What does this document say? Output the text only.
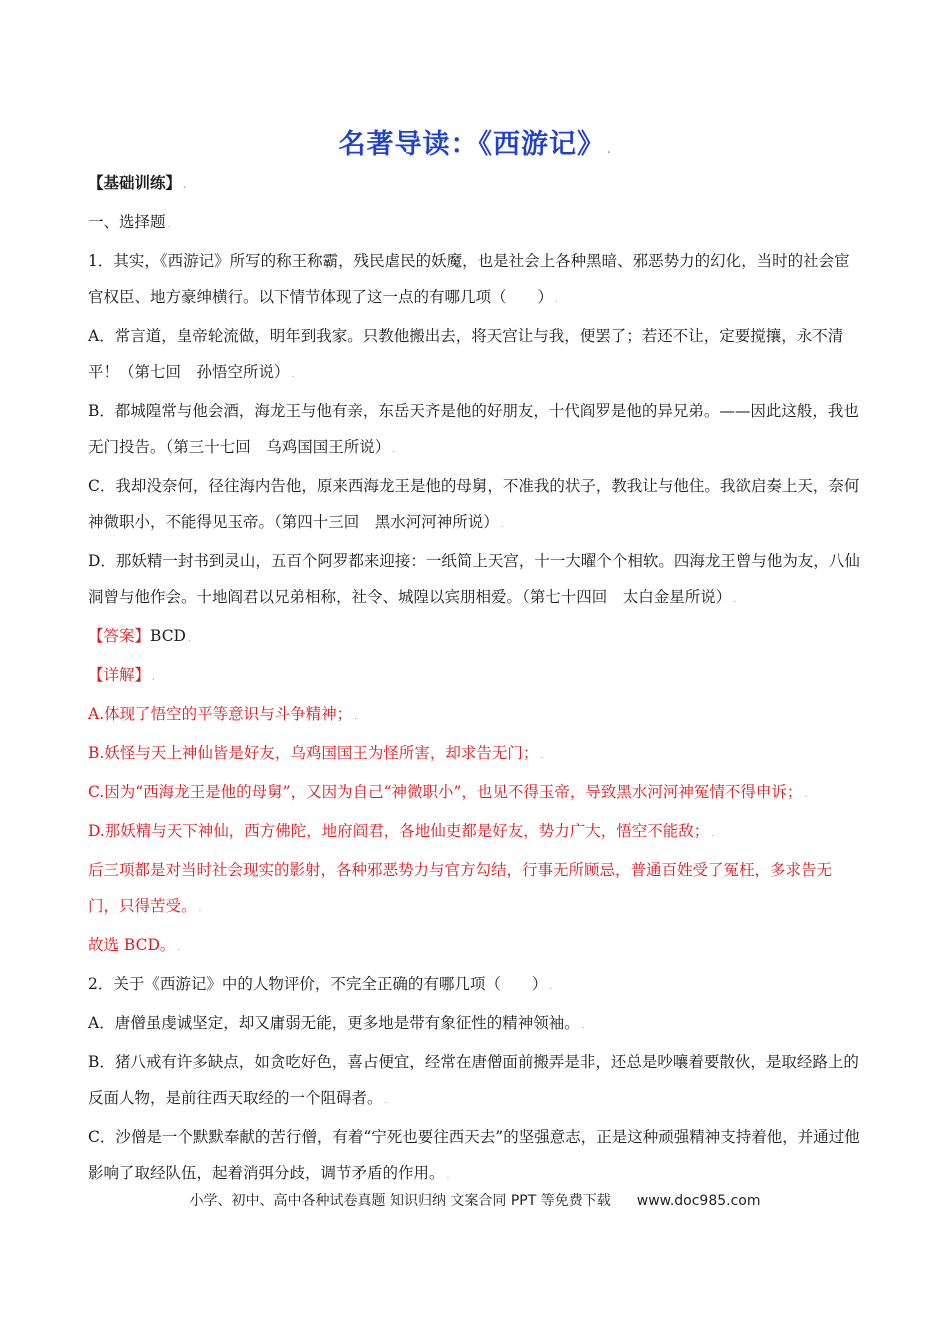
名著导读：《西游记》 .

【基础训练】 .

一、选择题 .

1．其实，《西游记》所写的称王称霸，残民虐民的妖魔，也是社会上各种黑暗、邪恶势力的幻化，当时的社会宦官权臣、地方豪绅横行。以下情节体现了这一点的有哪几项（　　） .

A．常言道，皇帝轮流做，明年到我家。只教他搬出去，将天宫让与我，便罢了；若还不让，定要搅攘，永不清平！（第七回　孙悟空所说） .

B．都城隍常与他会酒，海龙王与他有亲，东岳天齐是他的好朋友，十代阎罗是他的异兄弟。——因此这般，我也无门投告。（第三十七回　乌鸡国国王所说） .

C．我却没奈何，径往海内告他，原来西海龙王是他的母舅，不准我的状子，教我让与他住。我欲启奏上天，奈何神微职小，不能得见玉帝。（第四十三回　黑水河河神所说） .

D．那妖精一封书到灵山，五百个阿罗都来迎接：一纸简上天宫，十一大曜个个相软。四海龙王曾与他为友，八仙洞曾与他作会。十地阎君以兄弟相称，社令、城隍以宾朋相爱。（第七十四回　太白金星所说） .

【答案】BCD .

【详解】 .

A.体现了悟空的平等意识与斗争精神； .

B.妖怪与天上神仙皆是好友，乌鸡国国王为怪所害，却求告无门； .

C.因为“西海龙王是他的母舅”，又因为自己“神微职小”，也见不得玉帝，导致黑水河河神冤情不得申诉； .

D.那妖精与天下神仙，西方佛陀，地府阎君，各地仙吏都是好友，势力广大，悟空不能敌； .

后三项都是对当时社会现实的影射，各种邪恶势力与官方勾结，行事无所顾忌，普通百姓受了冤枉，多求告无门，只得苦受。 .

故选 BCD。 .

2．关于《西游记》中的人物评价，不完全正确的有哪几项（　　） .

A．唐僧虽虔诚坚定，却又庸弱无能，更多地是带有象征性的精神领袖。 .

B．猪八戒有许多缺点，如贪吃好色，喜占便宜，经常在唐僧面前搬弄是非，还总是吵嚷着要散伙，是取经路上的反面人物，是前往西天取经的一个阻碍者。 .

C．沙僧是一个默默奉献的苦行僧，有着“宁死也要往西天去”的坚强意志，正是这种顽强精神支持着他，并通过他影响了取经队伍，起着消弭分歧，调节矛盾的作用。 .

小学、初中、高中各种试卷真题 知识归纳 文案合同 PPT 等免费下载 www.doc985.com
